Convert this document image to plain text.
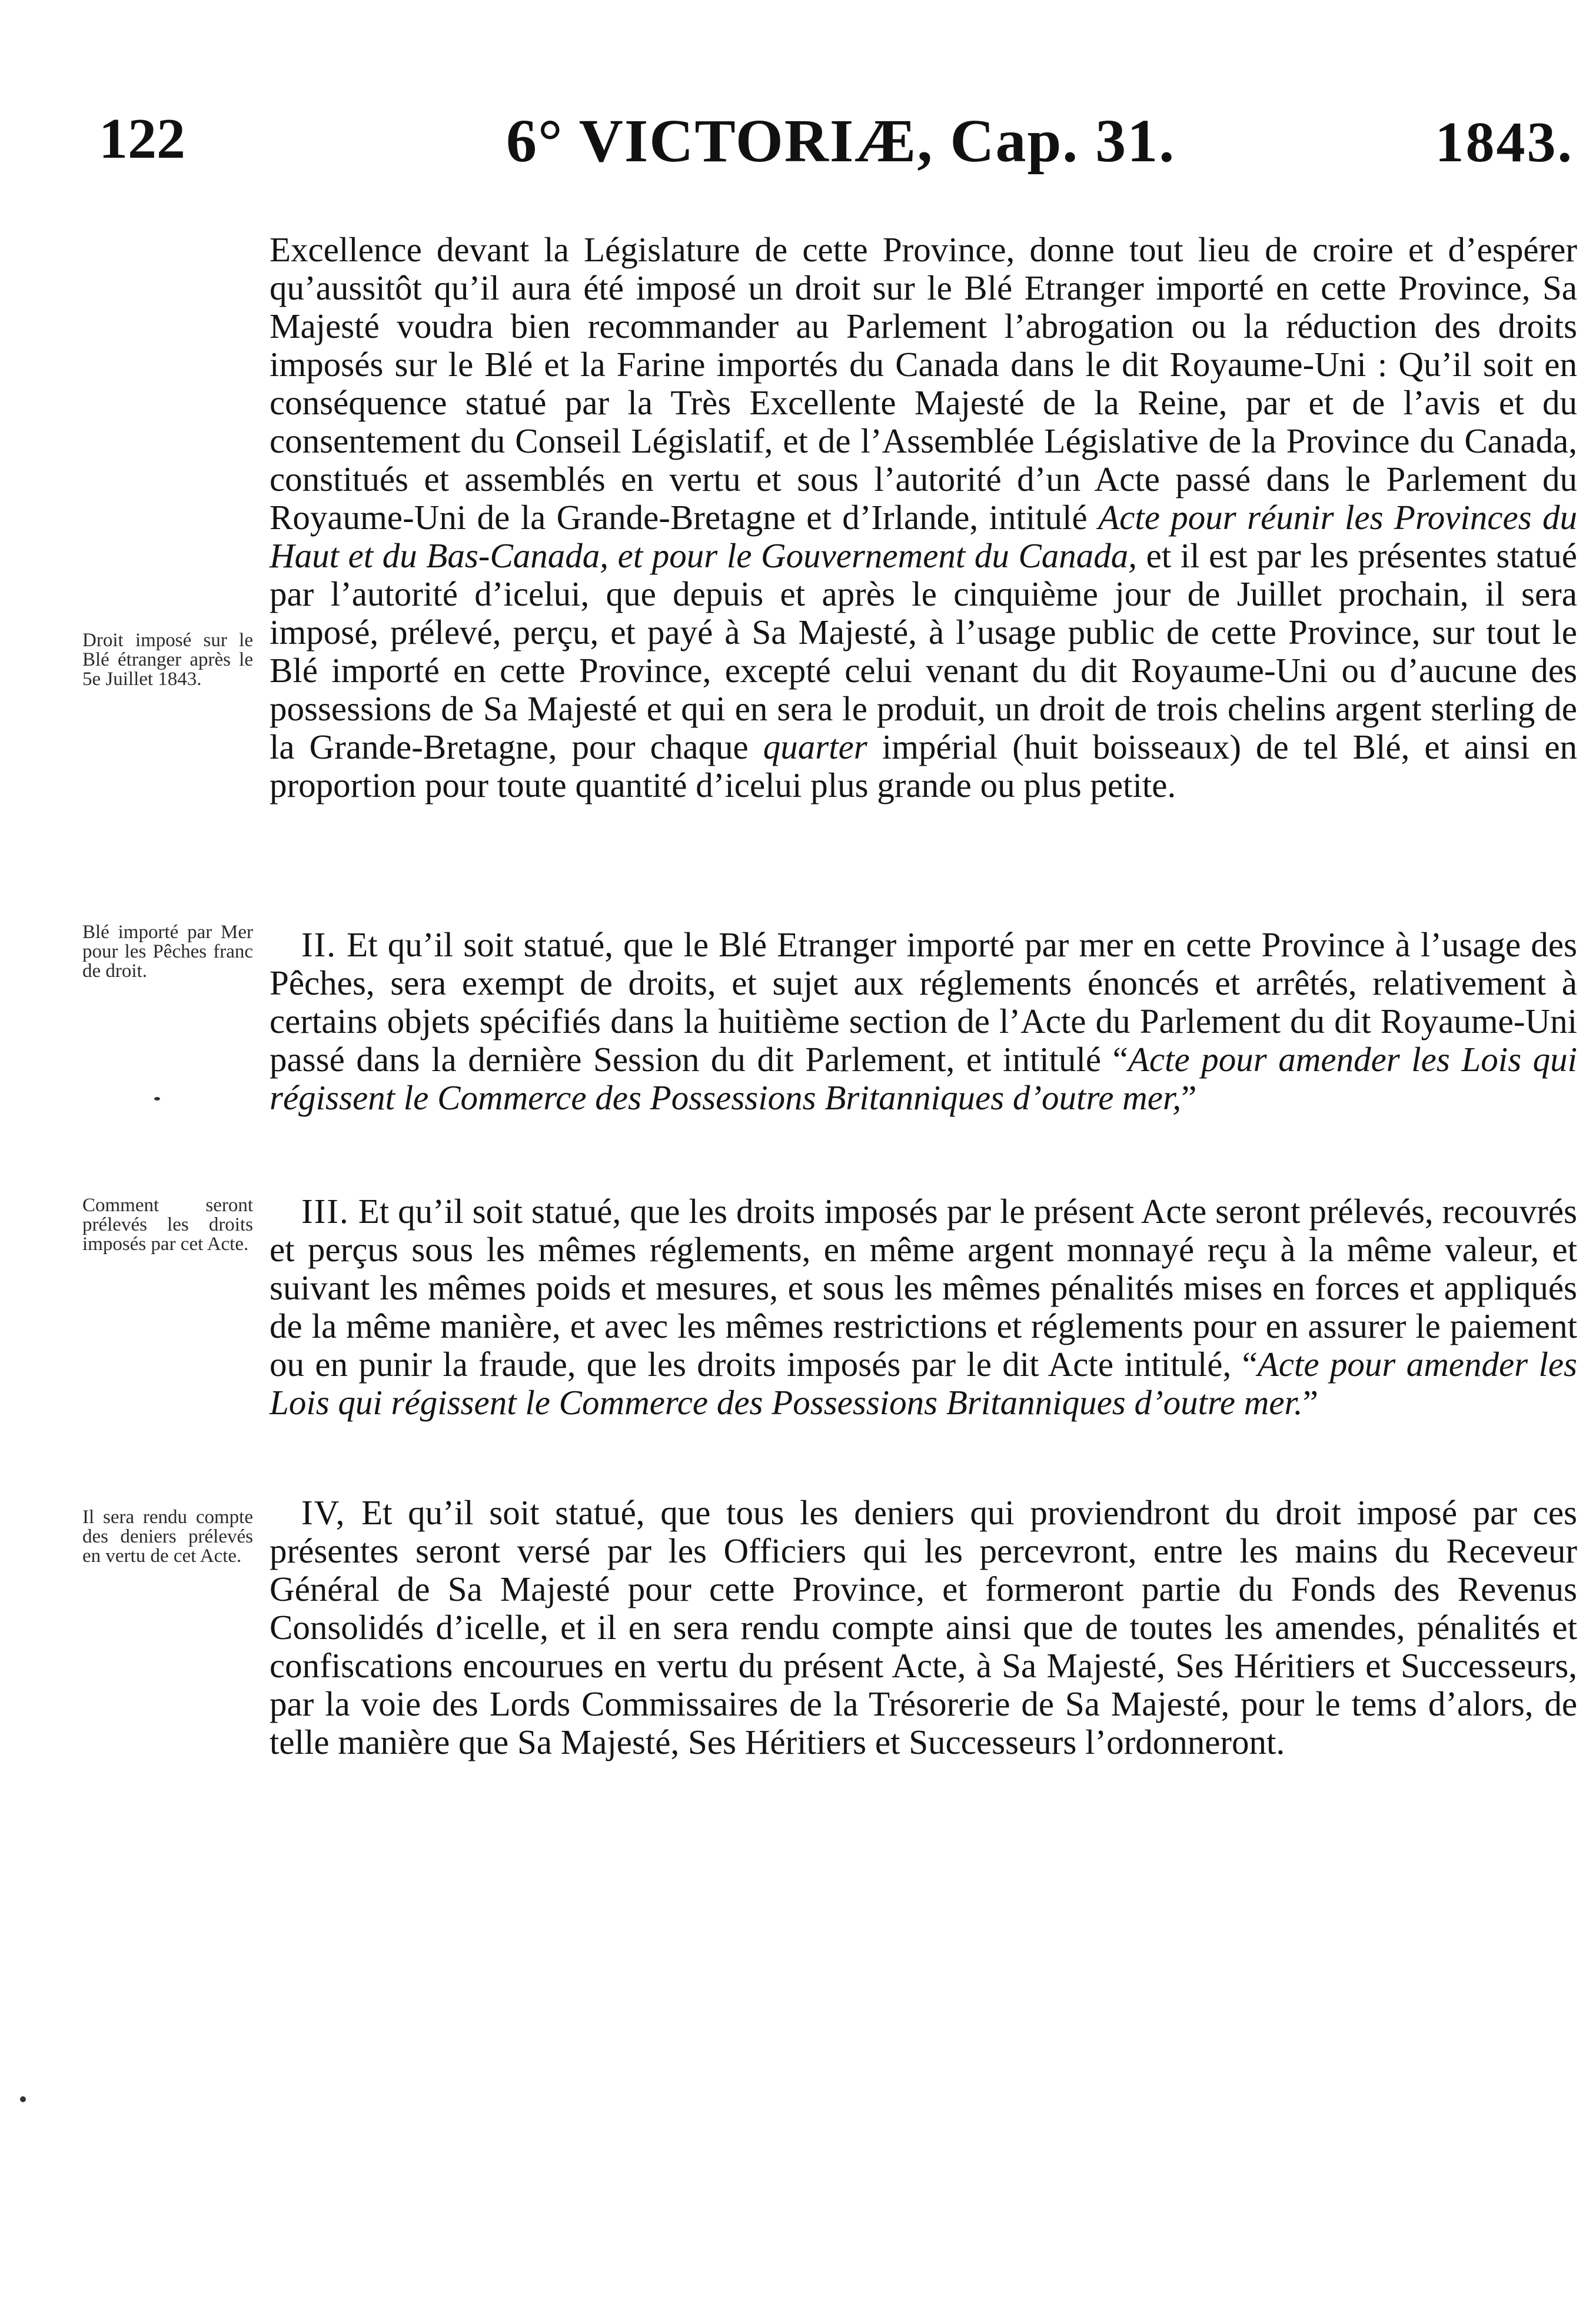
122	6° VICTORIÆ, Cap. 31.	1843.

Excellence devant la Législature de cette Province, donne tout lieu de croire et d’espérer qu’aussitôt qu’il aura été imposé un droit sur le Blé Etranger importé en cette Province, Sa Majesté voudra bien recommander au Parlement l’abrogation ou la réduction des droits imposés sur le Blé et la Farine importés du Canada dans le dit Royaume-Uni : Qu’il soit en conséquence statué par la Très Excellente Majesté de la Reine, par et de l’avis et du consentement du Conseil Législatif, et de l’Assemblée Législative de la Province du Canada, constitués et assemblés en vertu et sous l’autorité d’un Acte passé dans le Parlement du Royaume-Uni de la Grande-Bretagne et d’Irlande, intitulé Acte pour réunir les Provinces du Haut et du Bas-Canada, et pour le Gouvernement du Canada, et il est par les présentes statué par l’autorité d’icelui, que depuis et après le cinquième jour de Juillet prochain, il sera imposé, prélevé, perçu, et payé à Sa Majesté, à l’usage public de cette Province, sur tout le Blé importé en cette Province, excepté celui venant du dit Royaume-Uni ou d’aucune des possessions de Sa Majesté et qui en sera le produit, un droit de trois chelins argent sterling de la Grande-Bretagne, pour chaque quarter impérial (huit boisseaux) de tel Blé, et ainsi en proportion pour toute quantité d’icelui plus grande ou plus petite.

II. Et qu’il soit statué, que le Blé Etranger importé par mer en cette Province à l’usage des Pêches, sera exempt de droits, et sujet aux réglements énoncés et arrêtés, relativement à certains objets spécifiés dans la huitième section de l’Acte du Parlement du dit Royaume-Uni passé dans la dernière Session du dit Parlement, et intitulé “Acte pour amender les Lois qui régissent le Commerce des Possessions Britanniques d’outre mer,”

III. Et qu’il soit statué, que les droits imposés par le présent Acte seront prélevés, recouvrés et perçus sous les mêmes réglements, en même argent monnayé reçu à la même valeur, et suivant les mêmes poids et mesures, et sous les mêmes pénalités mises en forces et appliqués de la même manière, et avec les mêmes restrictions et réglements pour en assurer le paiement ou en punir la fraude, que les droits imposés par le dit Acte intitulé, “Acte pour amender les Lois qui régissent le Commerce des Possessions Britanniques d’outre mer.”

IV, Et qu’il soit statué, que tous les deniers qui proviendront du droit imposé par ces présentes seront versé par les Officiers qui les percevront, entre les mains du Receveur Général de Sa Majesté pour cette Province, et formeront partie du Fonds des Revenus Consolidés d’icelle, et il en sera rendu compte ainsi que de toutes les amendes, pénalités et confiscations encourues en vertu du présent Acte, à Sa Majesté, Ses Héritiers et Successeurs, par la voie des Lords Commissaires de la Trésorerie de Sa Majesté, pour le tems d’alors, de telle manière que Sa Majesté, Ses Héritiers et Successeurs l’ordonneront.

Droit imposé sur le Blé étranger après le 5e Juillet 1843.
Blé importé par Mer pour les Pêches franc de droit.
Comment seront prélevés les droits imposés par cet Acte.
Il sera rendu compte des deniers prélevés en vertu de cet Acte.
